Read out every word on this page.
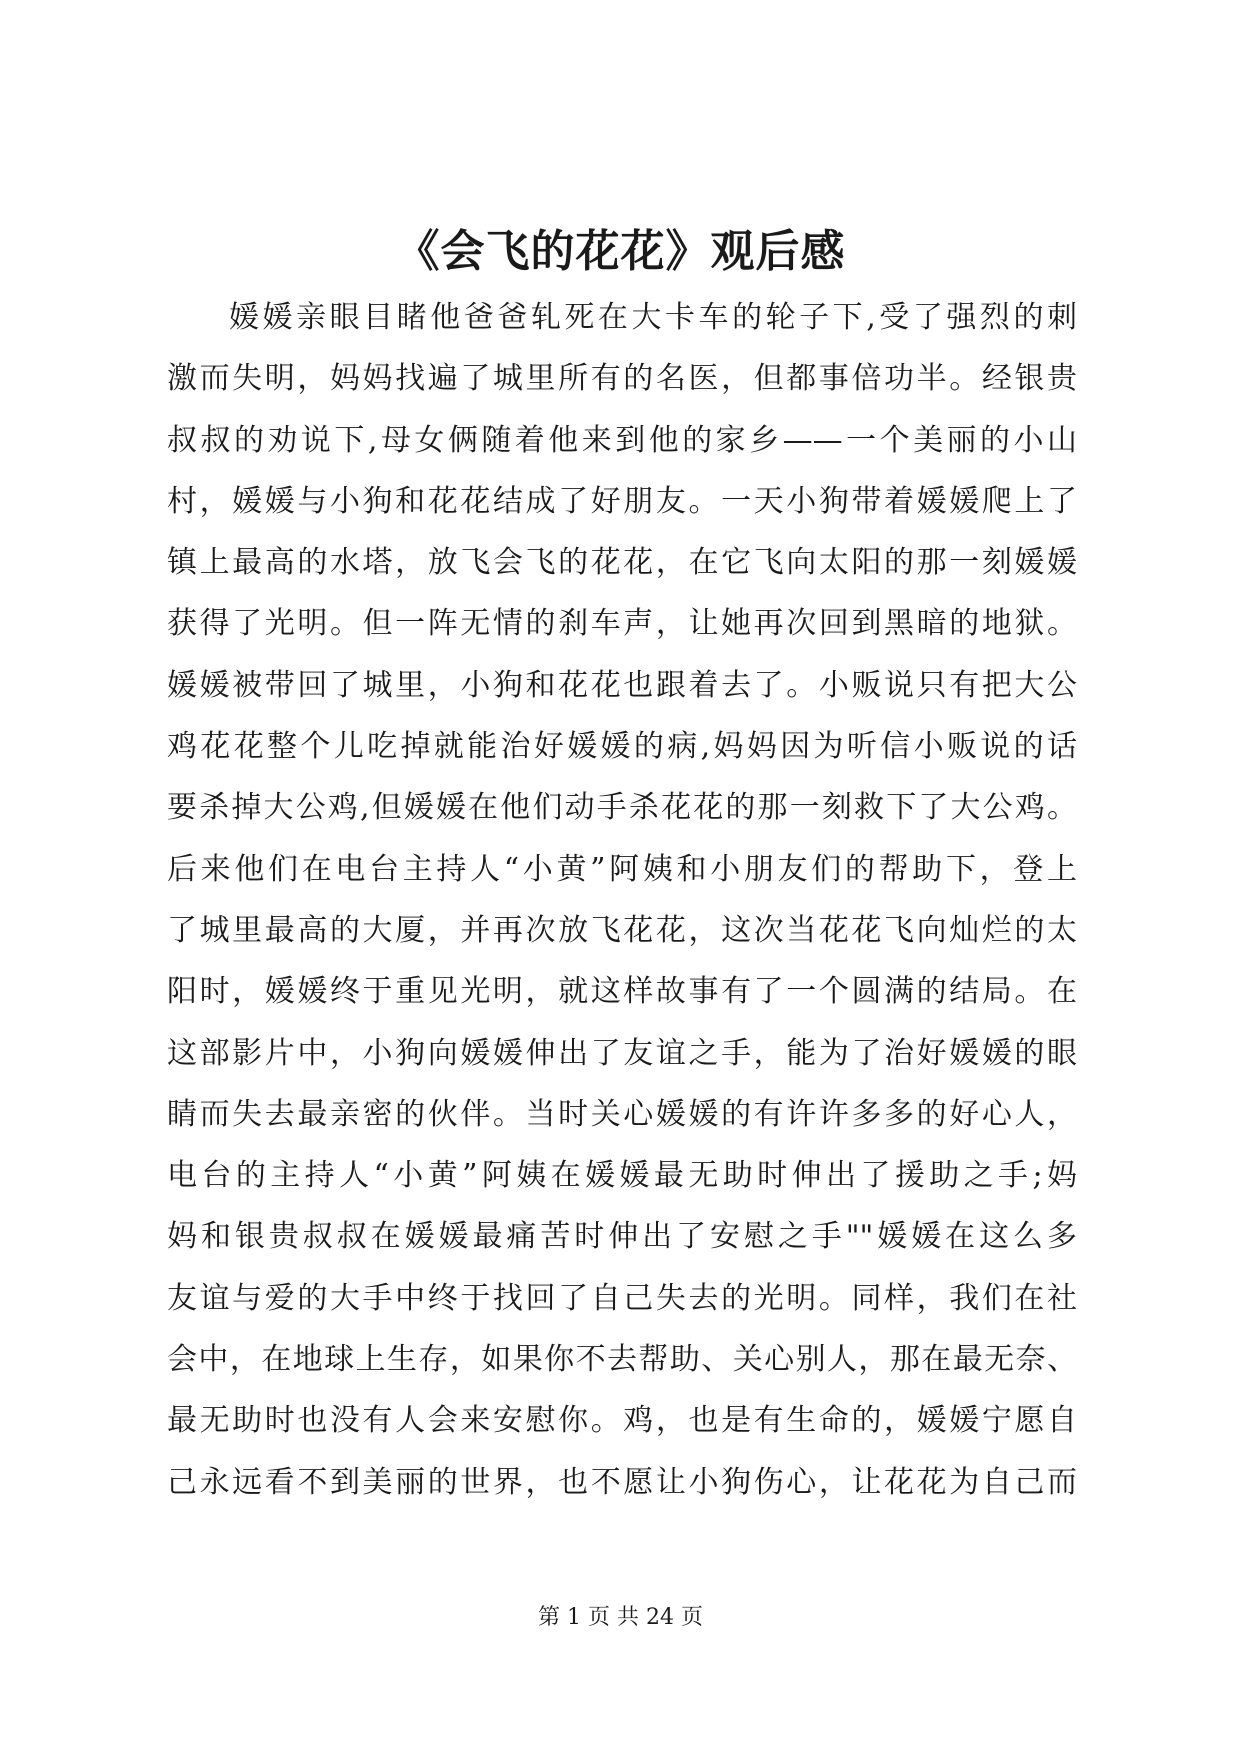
《会飞的花花》观后感
媛媛亲眼目睹他爸爸轧死在大卡车的轮子下,受了强烈的刺
激而失明，妈妈找遍了城里所有的名医，但都事倍功半。经银贵
叔叔的劝说下,母女俩随着他来到他的家乡——一个美丽的小山
村，媛媛与小狗和花花结成了好朋友。一天小狗带着媛媛爬上了
镇上最高的水塔，放飞会飞的花花，在它飞向太阳的那一刻媛媛
获得了光明。但一阵无情的刹车声，让她再次回到黑暗的地狱。
媛媛被带回了城里，小狗和花花也跟着去了。小贩说只有把大公
鸡花花整个儿吃掉就能治好媛媛的病,妈妈因为听信小贩说的话
要杀掉大公鸡,但媛媛在他们动手杀花花的那一刻救下了大公鸡。
后来他们在电台主持人“小黄”阿姨和小朋友们的帮助下，登上
了城里最高的大厦，并再次放飞花花，这次当花花飞向灿烂的太
阳时，媛媛终于重见光明，就这样故事有了一个圆满的结局。在
这部影片中，小狗向媛媛伸出了友谊之手，能为了治好媛媛的眼
睛而失去最亲密的伙伴。当时关心媛媛的有许许多多的好心人，
电台的主持人“小黄”阿姨在媛媛最无助时伸出了援助之手;妈
妈和银贵叔叔在媛媛最痛苦时伸出了安慰之手""媛媛在这么多
友谊与爱的大手中终于找回了自己失去的光明。同样，我们在社
会中，在地球上生存，如果你不去帮助、关心别人，那在最无奈、
最无助时也没有人会来安慰你。鸡，也是有生命的，媛媛宁愿自
己永远看不到美丽的世界，也不愿让小狗伤心，让花花为自己而
第 1 页 共 24 页
